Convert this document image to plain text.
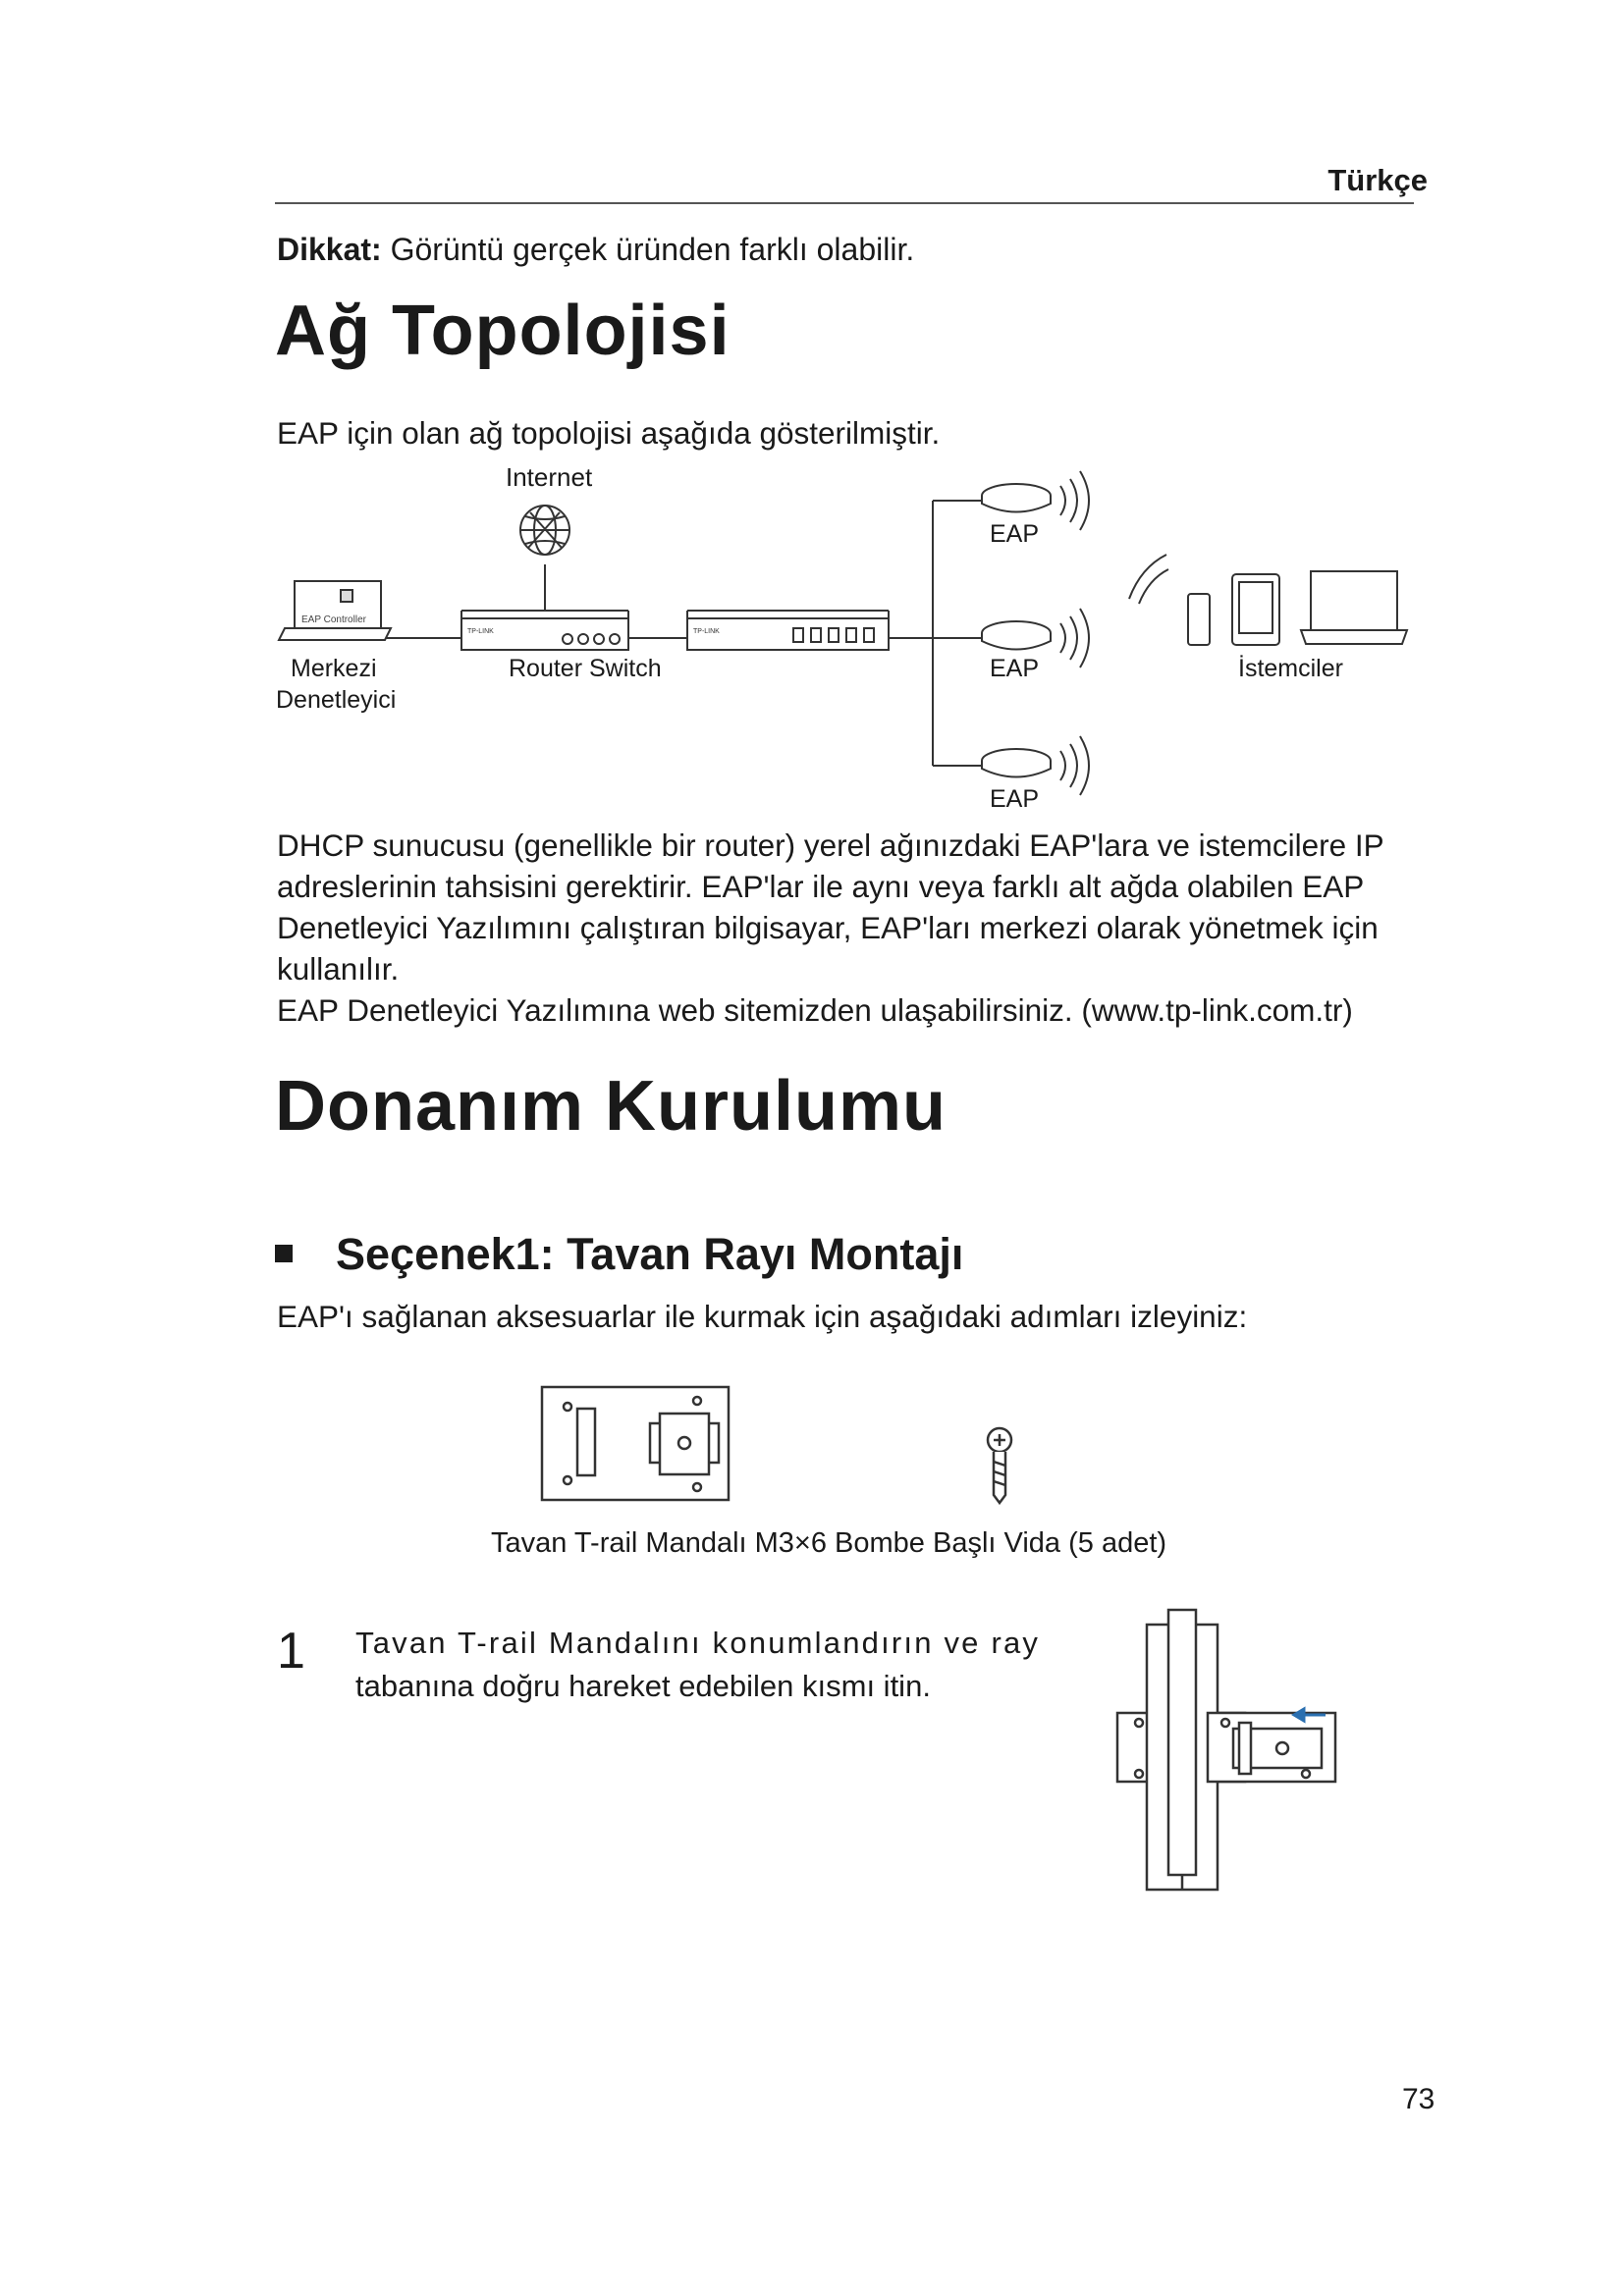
Türkçe
Dikkat: Görüntü gerçek üründen farklı olabilir.
Ağ Topolojisi
EAP için olan ağ topolojisi aşağıda gösterilmiştir.
Internet
EAP Controller
Merkezi
Denetleyici
TP-LINK
Router Switch
TP-LINK
EAP
EAP
EAP
İstemciler
DHCP sunucusu (genellikle bir router) yerel ağınızdaki EAP'lara ve istemcilere IP adreslerinin tahsisini gerektirir. EAP'lar ile aynı veya farklı alt ağda olabilen EAP Denetleyici Yazılımını çalıştıran bilgisayar, EAP'ları merkezi olarak yönetmek için kullanılır.
EAP Denetleyici Yazılımına web sitemizden ulaşabilirsiniz. (www.tp-link.com.tr)
Donanım Kurulumu
Seçenek1: Tavan Rayı Montajı
EAP'ı sağlanan aksesuarlar ile kurmak için aşağıdaki adımları izleyiniz:
Tavan T-rail Mandalı M3×6 Bombe Başlı Vida (5 adet)
1 Tavan T-rail Mandalını konumlandırın ve ray
tabanına doğru hareket edebilen kısmı itin.
73
